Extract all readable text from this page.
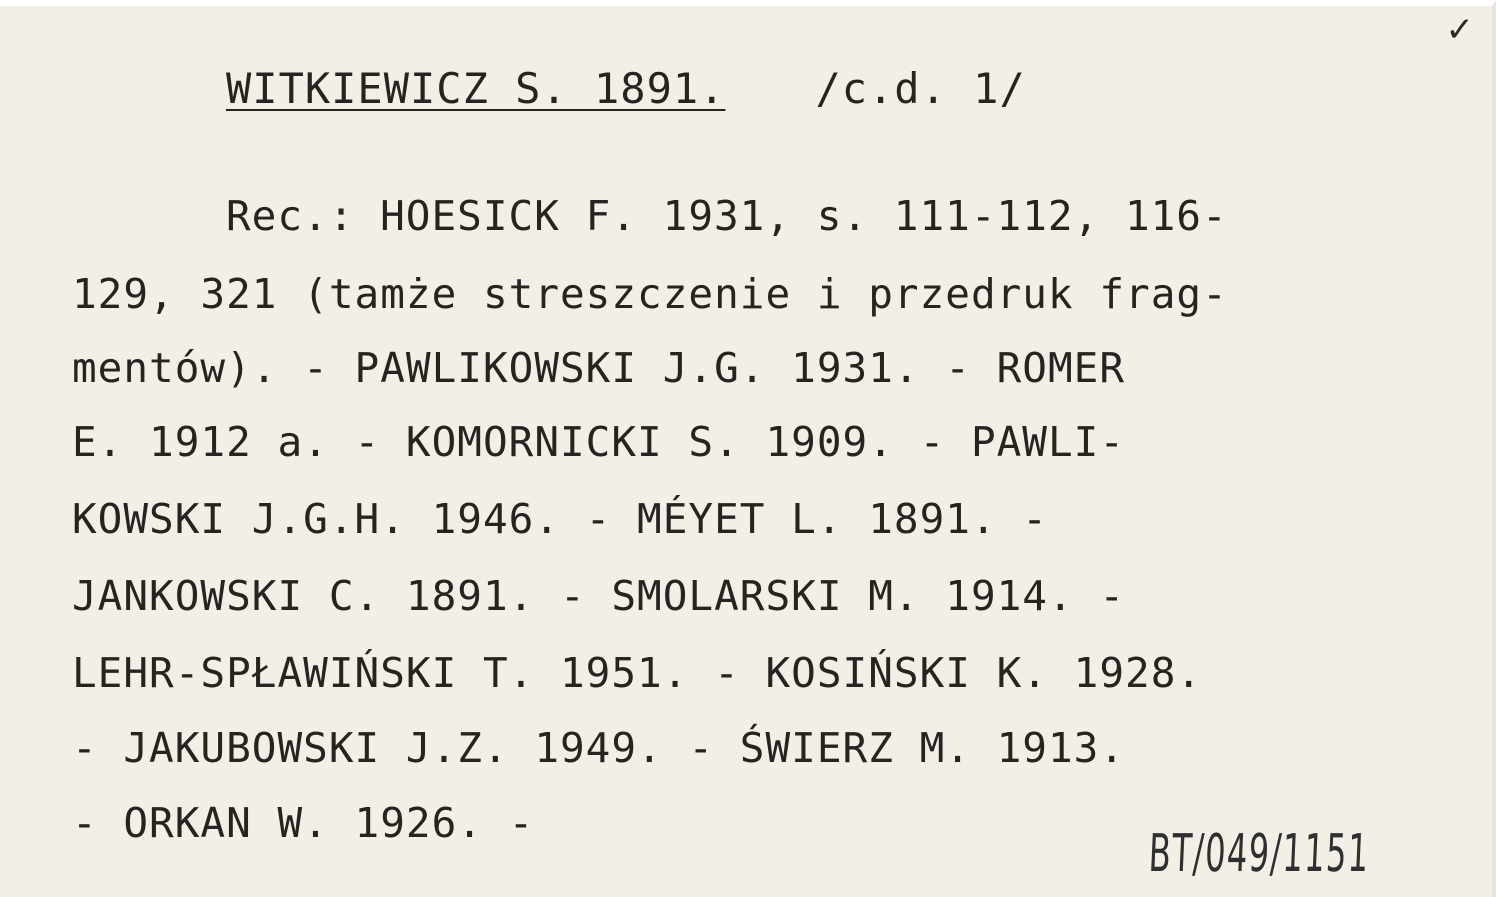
✓
WITKIEWICZ S. 1891. /c.d. 1/
Rec.: HOESICK F. 1931, s. 111-112, 116-
129, 321 (tamże streszczenie i przedruk frag-
mentów). - PAWLIKOWSKI J.G. 1931. - ROMER
E. 1912 a. - KOMORNICKI S. 1909. - PAWLI-
KOWSKI J.G.H. 1946. - MÉYET L. 1891. -
JANKOWSKI C. 1891. - SMOLARSKI M. 1914. -
LEHR-SPŁAWIŃSKI T. 1951. - KOSIŃSKI K. 1928.
- JAKUBOWSKI J.Z. 1949. - ŚWIERZ M. 1913.
- ORKAN W. 1926. -
BT/049/1151
